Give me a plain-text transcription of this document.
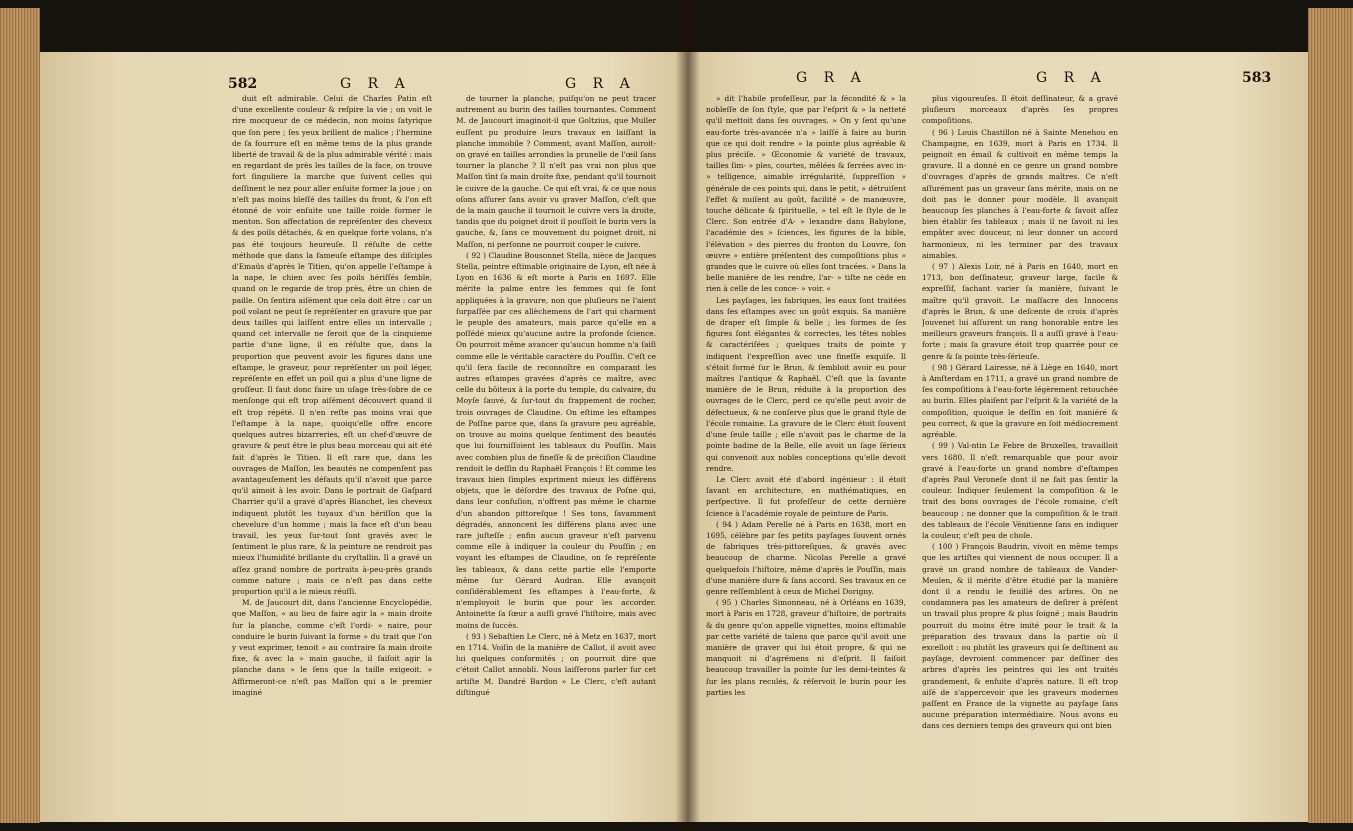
582	G R A	G R A	G R A	G R A	583

duit eſt admirable. Celui de Charles Patin eſt d'une excellente couleur & reſpire la vie ; on voit le rire mocqueur de ce médecin, non moins ſatyrique que ſon pere ; ſes yeux brillent de malice ; l'hermine de ſa fourrure eſt en même tems de la plus grande liberté de travail & de la plus admirable vérité : mais en regardant de près les tailles de la face, on trouve fort ſinguliere la marche que ſuivent celles qui deſſinent le nez pour aller enſuite former la joue ; on n'eſt pas moins bleſſé des tailles du front, & l'on eſt étonné de voir enſuite une taille roide former le menton. Son affectation de repréſenter des cheveux & des poils détachés, & en quelque forte volans, n'a pas été toujours heureuſe. Il réſulte de cette méthode que dans la fameuſe eſtampe des diſciples d'Emaüs d'après le Titien, qu'on appelle l'eſtampe à la nape, le chien avec ſes poils hériſſés ſemble, quand on le regarde de trop près, être un chien de paille. On ſentira aiſément que cela doit être : car un poil volant ne peut ſe repréſenter en gravure que par deux tailles qui laiſſent entre elles un intervalle ; quand cet intervalle ne ſeroit que de la cinquieme partie d'une ligne, il en réſulte que, dans la proportion que peuvent avoir les figures dans une eſtampe, le graveur, pour repréſenter un poil léger, repréſente en effet un poil qui a plus d'une ligne de groſſeur. Il faut donc faire un uſage très-ſobre de ce menſonge qui eſt trop aiſément découvert quand il eſt trop répété. Il n'en reſte pas moins vrai que l'eſtampe à la nape, quoiqu'elle offre encore quelques autres bizarreries, eſt un chef-d'œuvre de gravure & peut être le plus beau morceau qui ait été fait d'après le Titien. Il eſt rare que, dans les ouvrages de Maſſon, les beautés ne compenſent pas avantageuſement les défauts qu'il n'avoit que parce qu'il aimoit à les avoir. Dans le portrait de Gaſpard Charrier qu'il a gravé d'après Blanchet, les cheveux indiquent plutôt les tuyaux d'un hériſſon que la chevelure d'un homme ; mais la face eſt d'un beau travail, les yeux ſur-tout ſont gravés avec le ſentiment le plus rare, & la peinture ne rendroit pas mieux l'humidité brillante du cryſtallin. Il a gravé un aſſez grand nombre de portraits à-peu-près grands comme nature ; mais ce n'eſt pas dans cette proportion qu'il a le mieux réuſſi.

M. de Jaucourt dit, dans l'ancienne Encyclopédie, que Maſſon, « au lieu de faire agir la » main droite ſur la planche, comme c'eſt l'ordi- » naire, pour conduire le burin ſuivant la forme » du trait que l'on y veut exprimer, tenoit » au contraire ſa main droite fixe, & avec la » main gauche, il faiſoit agir la planche dans » le ſens que la taille exigeoit. » Affirmeront-ce n'eſt pas Maſſon qui a le premier imaginé

de tourner la planche, puiſqu'on ne peut tracer autrement au burin des tailles tournantes. Comment M. de Jaucourt imaginoit-il que Goltzius, que Muller euſſent pu produire leurs travaux en laiſſant la planche immobile ? Comment, avant Maſſon, auroit-on gravé en tailles arrondies la prunelle de l'œil ſans tourner la planche ? Il n'eſt pas vrai non plus que Maſſon tînt ſa main droite fixe, pendant qu'il tournoit le cuivre de la gauche. Ce qui eſt vrai, & ce que nous oſons aſſurer ſans avoir vu graver Maſſon, c'eſt que de la main gauche il tournoit le cuivre vers la droite, tandis que du poignet droit il pouſſoit le burin vers la gauche, &, ſans ce mouvement du poignet droit, ni Maſſon, ni perſonne ne pourroit couper le cuivre.

( 92 ) Claudine Bousonnet Stella, nièce de Jacques Stella, peintre eſtimable originaire de Lyon, eſt née à Lyon en 1636 & eſt morte à Paris en 1697. Elle mérite la palme entre les femmes qui ſe ſont appliquées à la gravure, non que pluſieurs ne l'aient ſurpaſſée par ces allèchemens de l'art qui charment le peuple des amateurs, mais parce qu'elle en a poſſédé mieux qu'aucune autre la profonde ſcience. On pourroit même avancer qu'aucun homme n'a ſaiſi comme elle le véritable caractère du Pouſſin. C'eſt ce qu'il ſera facile de reconnoître en comparant les autres eſtampes gravées d'après ce maître, avec celle du bŏiteux à la porte du temple, du calvaire, du Moyſe ſauvé, & ſur-tout du frappement de rocher, trois ouvrages de Claudine. On eſtime les eſtampes de Poſſne parce que, dans ſa gravure peu agréable, on trouve au moins quelque ſentiment des beautés que lui fourniſſoient les tableaux du Pouſſin. Mais avec combien plus de fineſſe & de préciſion Claudine rendoit le deſſin du Raphaël François ! Et comme les travaux bien ſimples expriment mieux les différens objets, que le déſordre des travaux de Poſne qui, dans leur confuſion, n'offrent pas même le charme d'un abandon pittoreſque ! Ses tons, ſavamment dégradés, annoncent les différens plans avec une rare juſteſſe ; enfin aucun graveur n'eſt parvenu comme elle à indiquer la couleur du Pouſſin ; en voyant les eſtampes de Claudine, on ſe repréſente les tableaux, & dans cette partie elle l'emporte même ſur Gérard Audran. Elle avançoit conſidérablement ſes eſtampes à l'eau-forte, & n'employoit le burin que pour les accorder. Antoinette ſa ſœur a auſſi gravé l'hiſtoire, mais avec moins de ſuccès.

( 93 ) Sebaſtien Le Clerc, né à Metz en 1637, mort en 1714. Voiſin de la manière de Callot, il avoit avec lui quelques conformités ; on pourroit dire que c'étoit Callot annobli. Nous laiſſerons parler ſur cet artiſte M. Dandré Bardon » Le Clerc, c'eſt autant diſtingué

» dit l'habile profeſſeur, par la fécondité & » la nobleſſe de ſon ſtyle, que par l'eſprit & » la netteté qu'il mettoit dans ſes ouvrages. » On y ſent qu'une eau-forte très-avancée n'a » laiſſé à faire au burin que ce qui doit rendre » la pointe plus agréable & plus préciſe. » Œconomie & variété de travaux, tailles ſim- » ples, courtes, mêlées & ſerrées avec in- » telligence, aimable irrégularité, ſuppreſſion » générale de ces points qui, dans le petit, » détruiſent l'effet & nuiſent au goût, facilité » de manœuvre, touche délicate & ſpirituelle, » tel eſt le ſtyle de le Clerc. Son entrée d'A- » lexandre dans Babylone, l'académie des » ſciences, les figures de la bible, l'élévation » des pierres du fronton du Louvre, ſon œuvre » entière préſentent des compoſitions plus » grandes que le cuivre où elles ſont tracées. » Dans la belle manière de les rendre, l'ar- » tiſte ne cède en rien à celle de les conce- » voir. «

Les payſages, les fabriques, les eaux ſont traitées dans ſes eſtampes avec un goût exquis. Sa manière de draper eſt ſimple & belle ; les formes de ſes figures ſont élégantes & correctes, les têtes nobles & caractériſées ; quelques traits de pointe y indiquent l'expreſſion avec une fineſſe exquiſe. Il s'étoit formé ſur le Brun, & ſembloit avoir eu pour maîtres l'antique & Raphaël. C'eſt que la ſavante manière de le Brun, réduite à la proportion des ouvrages de le Clerc, perd ce qu'elle peut avoir de défectueux, & ne conſerve plus que le grand ſtyle de l'école romaine. La gravure de le Clerc étoit ſouvent d'une ſeule taille ; elle n'avoit pas le charme de la pointe badine de la Belle, elle avoit un ſage ſérieux qui convenoit aux nobles conceptions qu'elle devoit rendre.

Le Clerc avoit été d'abord ingénieur : il étoit ſavant en architecture, en mathématiques, en perſpective. Il fut profeſſeur de cette dernière ſcience à l'académie royale de peinture de Paris.

( 94 ) Adam Perelle né à Paris en 1638, mort en 1695, célèbre par ſes petits payſages ſouvent ornés de fabriques très-pittoreſques, & gravés avec beaucoup de charme. Nicolas Perelle a gravé quelquefois l'hiſtoire, même d'après le Pouſſin, mais d'une manière dure & ſans accord. Ses travaux en ce genre reſſemblent à ceux de Michel Dorigny.

( 95 ) Charles Simonneau, né à Orléans en 1639, mort à Paris en 1728, graveur d'hiſtoire, de portraits & du genre qu'on appelle vignettes, moins eſtimable par cette variété de talens que parce qu'il avoit une manière de graver qui lui étoit propre, & qui ne manquoit ni d'agrémens ni d'eſprit. Il faiſoit beaucoup travailler la pointe ſur les demi-teintes & ſur les plans reculés, & réſervoit le burin pour les parties les

plus vigoureuſes. Il étoit deſſinateur, & a gravé pluſieurs morceaux d'après ſes propres compoſitions.

( 96 ) Louis Chastillon né à Sainte Menehou en Champagne, en 1639, mort à Paris en 1734. Il peignoit en émail & cultivoit en même temps la gravure. Il a donné en ce genre un grand nombre d'ouvrages d'après de grands maîtres. Ce n'eſt aſſurément pas un graveur ſans mérite, mais on ne doit pas le donner pour modèle. Il avançoit beaucoup ſes planches à l'eau-forte & ſavoit aſſez bien établir ſes tableaux ; mais il ne ſavoit ni les empâter avec douceur, ni leur donner un accord harmonieux, ni les terminer par des travaux aimables.

( 97 ) Alexis Loir, né à Paris en 1640, mort en 1713, bon deſſinateur, graveur large, facile & expreſſif, ſachant varier ſa manière, ſuivant le maître qu'il gravoit. Le maſſacre des Innocens d'après le Brun, & une deſcente de croix d'après Jouvenet lui aſſurent un rang honorable entre les meilleurs graveurs françois. Il a auſſi gravé à l'eau-forte ; mais ſa gravure étoit trop quarrée pour ce genre & ſa pointe très-ſérieuſe.

( 98 ) Gérard Lairesse, né à Liège en 1640, mort à Amſterdam en 1711, a gravé un grand nombre de ſes compoſitions à l'eau-forte légèrement retouchée au burin. Elles plaiſent par l'eſprit & la variété de la compoſition, quoique le deſſin en ſoit maniéré & peu correct, & que la gravure en ſoit médiocrement agréable.

( 99 ) Val-ntin Le Febre de Bruxelles, travailloit vers 1680. Il n'eſt remarquable que pour avoir gravé à l'eau-forte un grand nombre d'eſtampes d'après Paul Veroneſe dont il ne fait pas ſentir la couleur. Indiquer ſeulement la compoſition & le trait des bons ouvrages de l'école romaine, c'eſt beaucoup : ne donner que la compoſition & le trait des tableaux de l'école Vénitienne ſans en indiquer la couleur, c'eſt peu de choſe.

( 100 ) François Baudrin, vivoit en même temps que les artiſtes qui viennent de nous occuper. Il a gravé un grand nombre de tableaux de Vander-Meulen, & il mérite d'être étudié par la manière dont il a rendu le feuillé des arbres. On ne condamnera pas les amateurs de deſirer à préſent un travail plus propre & plus ſoigné ; mais Baudrin pourroit du moins être imité pour le trait & la préparation des travaux dans la partie où il excelloit : ou plutôt les graveurs qui ſe deſtinent au payſage, devroient commencer par deſſiner des arbres d'après les peintres qui les ont traités grandement, & enſuite d'après nature. Il eſt trop aiſé de s'appercevoir que les graveurs modernes paſſent en France de la vignette au payſage ſans aucune préparation intermédiaire. Nous avons eu dans ces derniers temps des graveurs qui ont bien
